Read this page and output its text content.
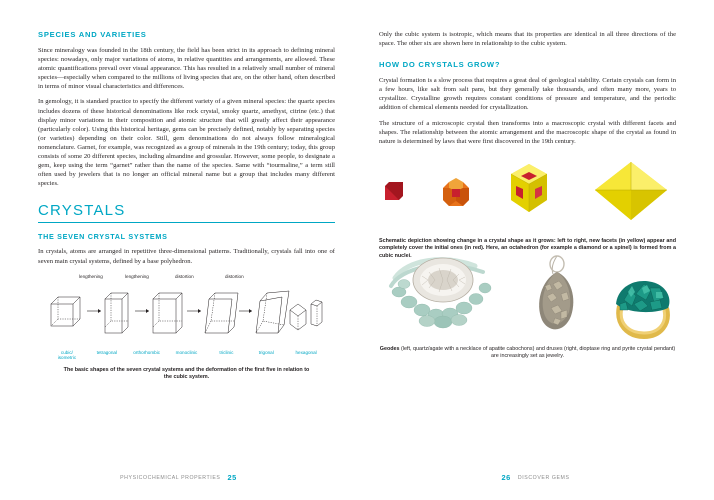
SPECIES AND VARIETIES

Since mineralogy was founded in the 18th century, the field has been strict in its approach to defining mineral species: nowadays, only major variations of atoms, in relative quantities and arrangements, are allowed. These atomic quantifications prevail over visual appearance. This has resulted in a relatively small number of mineral species—especially when compared to the millions of living species that are, on the other hand, often described in terms of minor visual characteristics and differences.

In gemology, it is standard practice to specify the different variety of a given mineral species: the quartz species includes dozens of these historical denominations like rock crystal, smoky quartz, amethyst, citrine (etc.) that display minor variations in their composition and atomic structure that will greatly affect their appearance (particularly color). Using this historical heritage, gems can be precisely defined, notably by separating species (or varieties) depending on their color. Still, gem denominations do not always follow mineralogical nomenclature. Garnet, for example, was recognized as a group of minerals in the 19th century; today, this group consists of some 20 different species, including almandine and grossular. However, some people, to designate a gem, keep using the term “garnet” rather than the name of the species. Same with “tourmaline,” a term still often used by jewelers that is no longer an official mineral name but a group that includes many different species.

CRYSTALS
THE SEVEN CRYSTAL SYSTEMS

In crystals, atoms are arranged in repetitive three-dimensional patterns. Traditionally, crystals fall into one of seven main crystal systems, defined by a base polyhedron.

lengthening	lengthening	distortion	distortion
cubic/
isometric
tetragonal	orthorhombic	monoclinic	triclinic	trigonal	hexagonal

The basic shapes of the seven crystal systems and the deformation of the first five in relation to the cubic system.

PHYSICOCHEMICAL PROPERTIES 25

Only the cubic system is isotropic, which means that its properties are identical in all three directions of the space. The other six are shown here in relationship to the cubic system.

HOW DO CRYSTALS GROW?

Crystal formation is a slow process that requires a great deal of geological stability. Certain crystals can form in a few hours, like salt from salt pans, but they generally take thousands, and often many more, years to crystallize. Crystalline growth requires constant conditions of pressure and temperature, and the periodic addition of chemical elements needed for crystallization.

The structure of a microscopic crystal then transforms into a macroscopic crystal with different facets and shapes. The relationship between the atomic arrangement and the macroscopic shape of the crystal as found in nature is determined by laws that were first discovered in the 19th century.

Schematic depiction showing change in a crystal shape as it grows: left to right, new facets (in yellow) appear and completely cover the initial ones (in red). Here, an octahedron (for example a diamond or a spinel) is formed from a cubic nuclei.

Geodes (left, quartz/agate with a necklace of apatite cabochons) and druses (right, dioptase ring and pyrite crystal pendant) are increasingly set as jewelry.

26 DISCOVER GEMS
